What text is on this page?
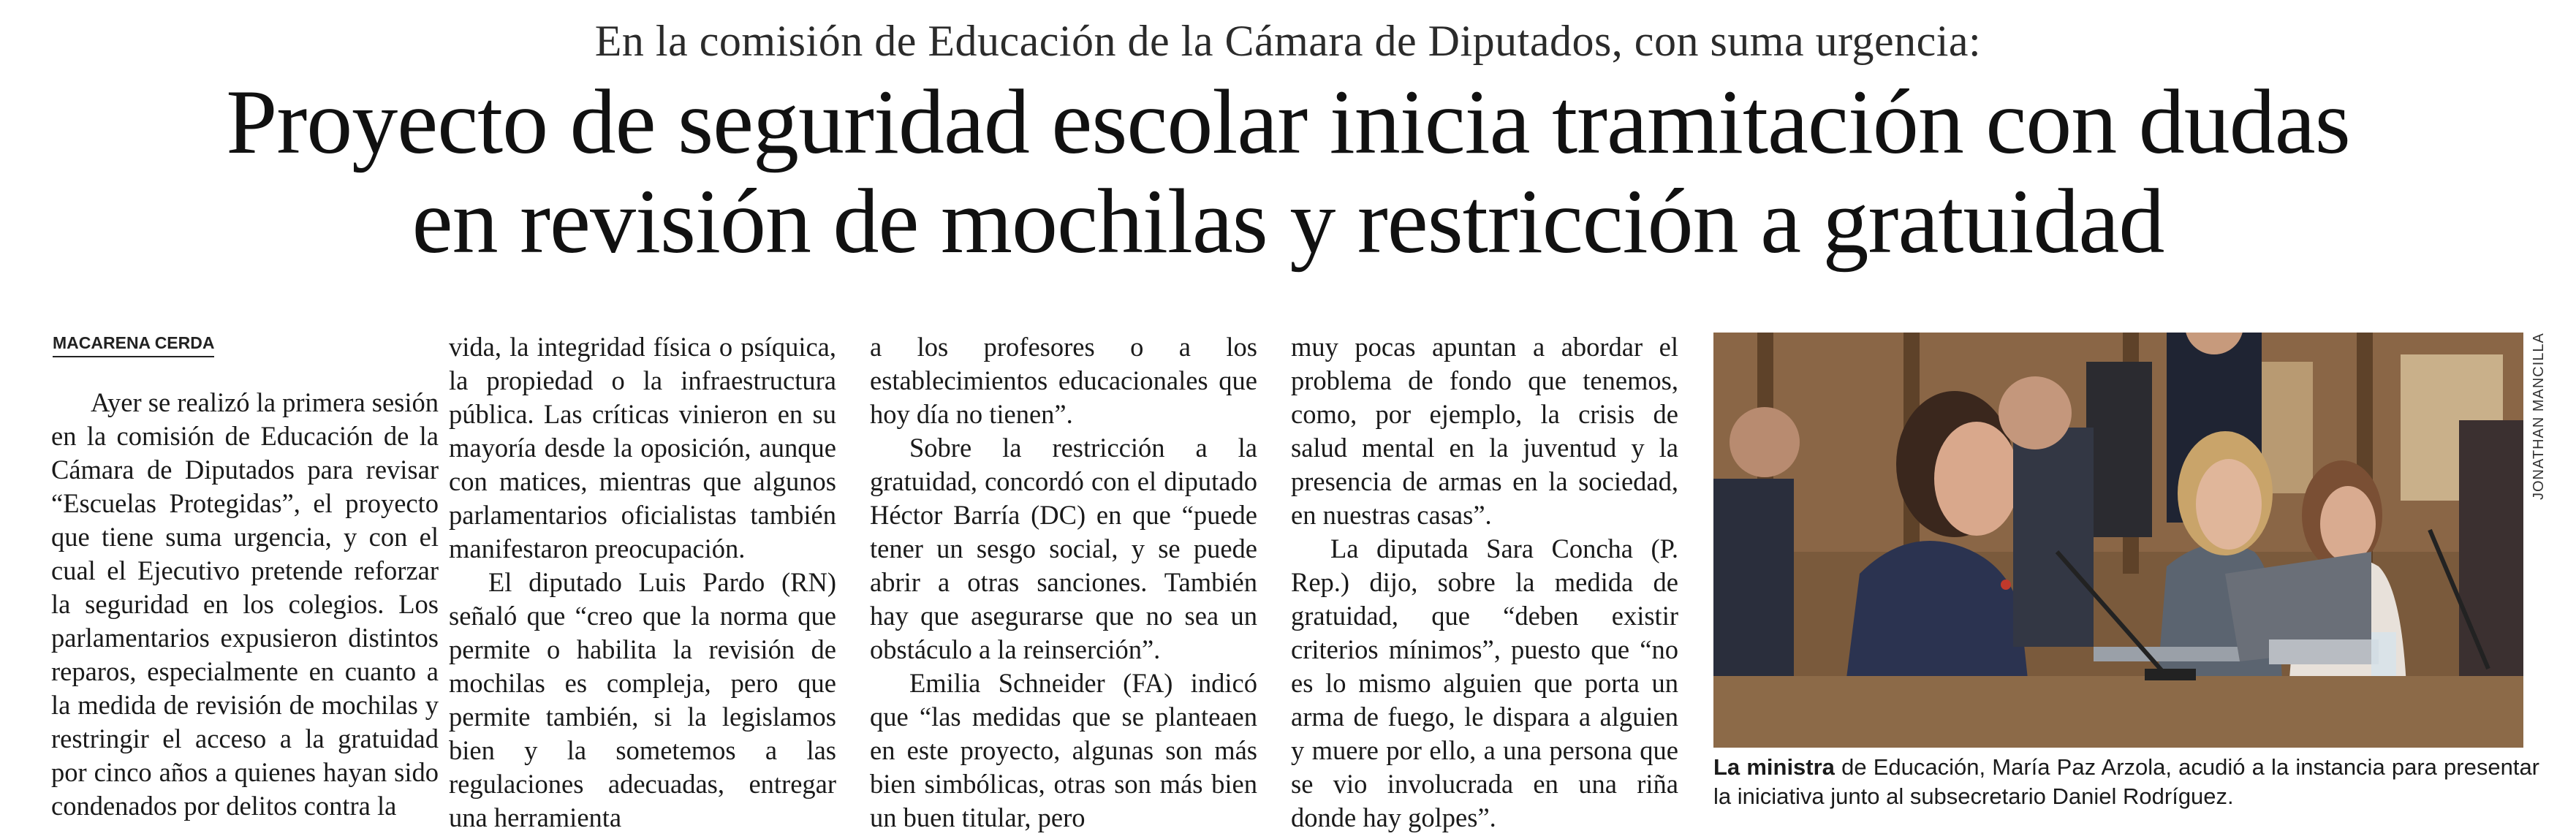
En la comisión de Educación de la Cámara de Diputados, con suma urgencia:
Proyecto de seguridad escolar inicia tramitación con dudas
en revisión de mochilas y restricción a gratuidad
MACARENA CERDA

Ayer se realizó la primera sesión en la comisión de Educación de la Cámara de Diputados para revisar “Escuelas Protegidas”, el proyecto que tiene suma urgencia, y con el cual el Ejecutivo pretende reforzar la seguridad en los colegios. Los parlamentarios expusieron distintos reparos, especialmente en cuanto a la medida de revisión de mochilas y restringir el acceso a la gratuidad por cinco años a quienes hayan sido condenados por delitos contra la

vida, la integridad física o psíquica, la propiedad o la infraestructura pública. Las críticas vinieron en su mayoría desde la oposición, aunque con matices, mientras que algunos parlamentarios oficialistas también manifestaron preocupación.

El diputado Luis Pardo (RN) señaló que “creo que la norma que permite o habilita la revisión de mochilas es compleja, pero que permite también, si la legislamos bien y la sometemos a las regulaciones adecuadas, entregar una herramienta

a los profesores o a los establecimientos educacionales que hoy día no tienen”.

Sobre la restricción a la gratuidad, concordó con el diputado Héctor Barría (DC) en que “puede tener un sesgo social, y se puede abrir a otras sanciones. También hay que asegurarse que no sea un obstáculo a la reinserción”.

Emilia Schneider (FA) indicó que “las medidas que se planteaen en este proyecto, algunas son más bien simbólicas, otras son más bien un buen titular, pero

muy pocas apuntan a abordar el problema de fondo que tenemos, como, por ejemplo, la crisis de salud mental en la juventud y la presencia de armas en la sociedad, en nuestras casas”.

La diputada Sara Concha (P. Rep.) dijo, sobre la medida de gratuidad, que “deben existir criterios mínimos”, puesto que “no es lo mismo alguien que porta un arma de fuego, le dispara a alguien y muere por ello, a una persona que se vio involucrada en una riña donde hay golpes”.

JONATHAN MANCILLA
La ministra de Educación, María Paz Arzola, acudió a la instancia para presentar la iniciativa junto al subsecretario Daniel Rodríguez.
